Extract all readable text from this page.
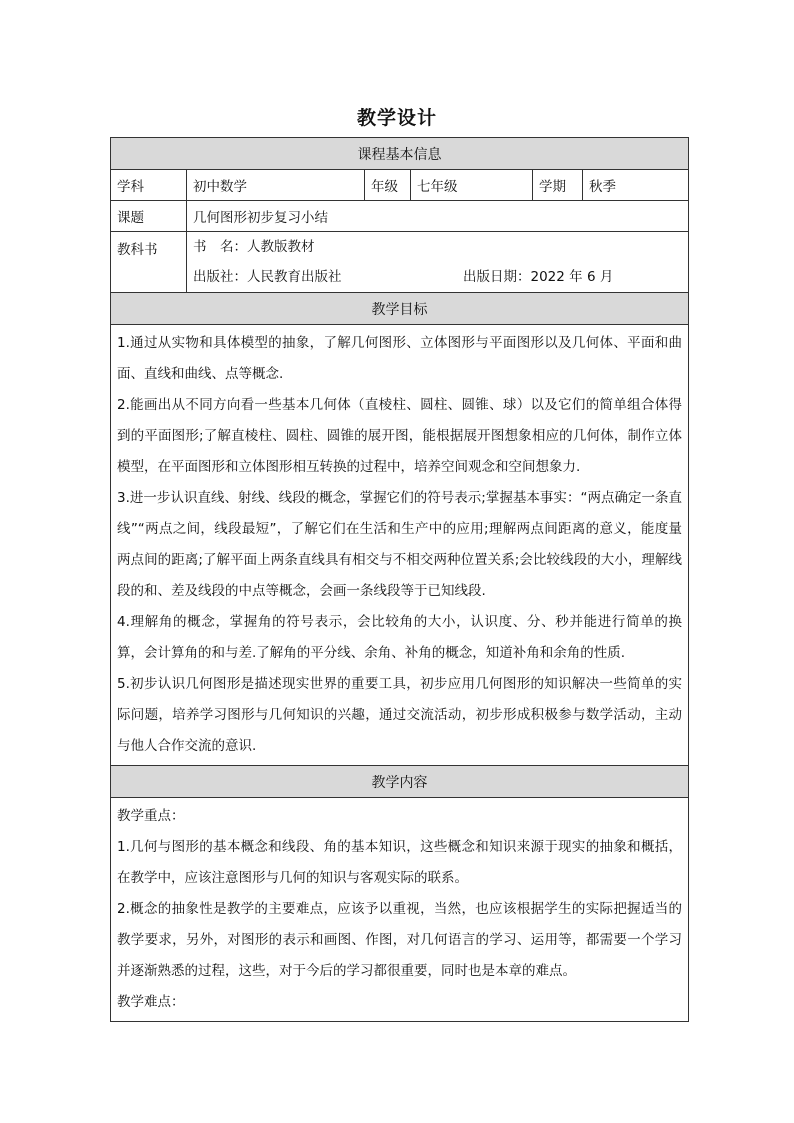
教学设计
课程基本信息					
学科	初中数学	年级	七年级	学期	秋季
课题	几何图形初步复习小结				
教科书	书　名：人教版教材
出版社：人民教育出版社 出版日期：2022 年 6 月				

教学目标					

1.通过从实物和具体模型的抽象，了解几何图形、立体图形与平面图形以及几何体、平面和曲面、直线和曲线、点等概念.

2.能画出从不同方向看一些基本几何体（直棱柱、圆柱、圆锥、球）以及它们的简单组合体得到的平面图形;了解直棱柱、圆柱、圆锥的展开图，能根据展开图想象相应的几何体，制作立体模型，在平面图形和立体图形相互转换的过程中，培养空间观念和空间想象力.

3.进一步认识直线、射线、线段的概念，掌握它们的符号表示;掌握基本事实：“两点确定一条直线”“两点之间，线段最短”，了解它们在生活和生产中的应用;理解两点间距离的意义，能度量两点间的距离;了解平面上两条直线具有相交与不相交两种位置关系;会比较线段的大小，理解线段的和、差及线段的中点等概念，会画一条线段等于已知线段.

4.理解角的概念，掌握角的符号表示，会比较角的大小，认识度、分、秒并能进行简单的换算，会计算角的和与差.了解角的平分线、余角、补角的概念，知道补角和余角的性质.

5.初步认识几何图形是描述现实世界的重要工具，初步应用几何图形的知识解决一些简单的实际问题，培养学习图形与几何知识的兴趣，通过交流活动，初步形成积极参与数学活动，主动与他人合作交流的意识.					

教学内容					

教学重点：

1.几何与图形的基本概念和线段、角的基本知识，这些概念和知识来源于现实的抽象和概括，在教学中，应该注意图形与几何的知识与客观实际的联系。

2.概念的抽象性是教学的主要难点，应该予以重视，当然，也应该根据学生的实际把握适当的教学要求，另外，对图形的表示和画图、作图，对几何语言的学习、运用等，都需要一个学习并逐渐熟悉的过程，这些，对于今后的学习都很重要，同时也是本章的难点。

教学难点：					
